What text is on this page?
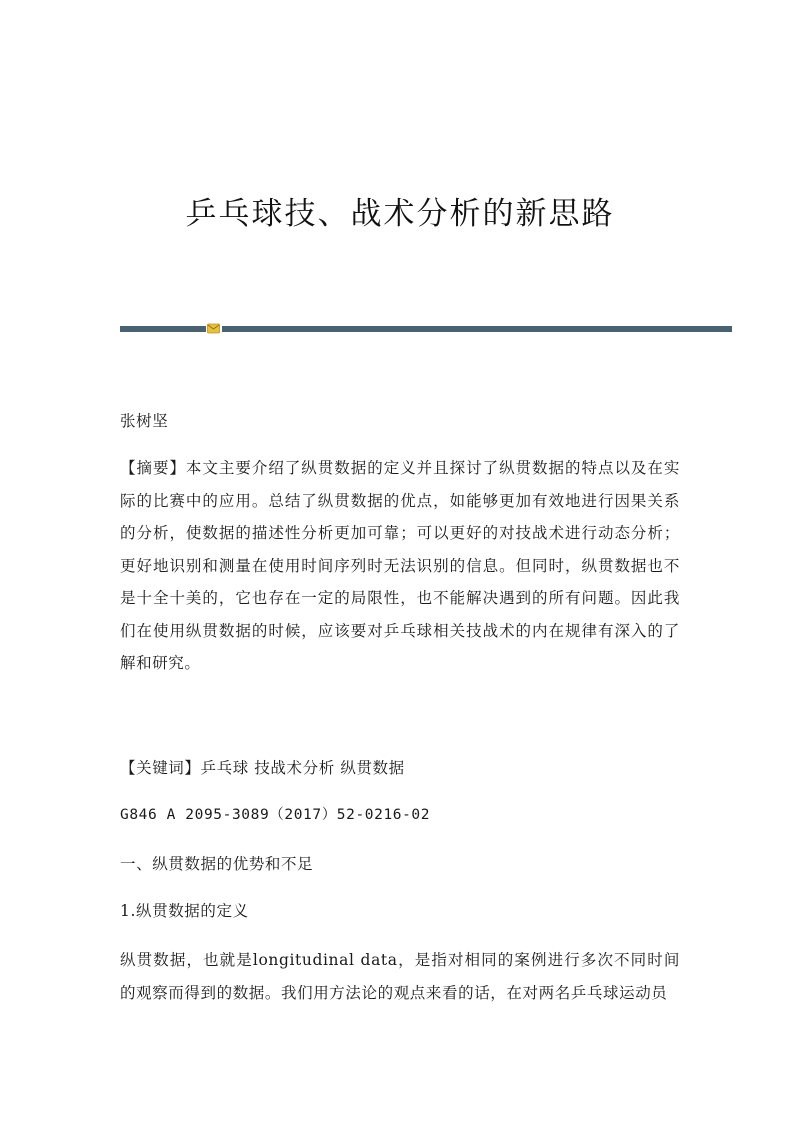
乒乓球技、战术分析的新思路

张树坚

【摘要】本文主要介绍了纵贯数据的定义并且探讨了纵贯数据的特点以及在实际的比赛中的应用。总结了纵贯数据的优点，如能够更加有效地进行因果关系的分析，使数据的描述性分析更加可靠；可以更好的对技战术进行动态分析；更好地识别和测量在使用时间序列时无法识别的信息。但同时，纵贯数据也不是十全十美的，它也存在一定的局限性，也不能解决遇到的所有问题。因此我们在使用纵贯数据的时候，应该要对乒乓球相关技战术的内在规律有深入的了解和研究。

【关键词】乒乓球 技战术分析 纵贯数据

G846 A 2095-3089（2017）52-0216-02

一、纵贯数据的优势和不足

1.纵贯数据的定义

纵贯数据，也就是longitudinal data，是指对相同的案例进行多次不同时间的观察而得到的数据。我们用方法论的观点来看的话，在对两名乒乓球运动员
